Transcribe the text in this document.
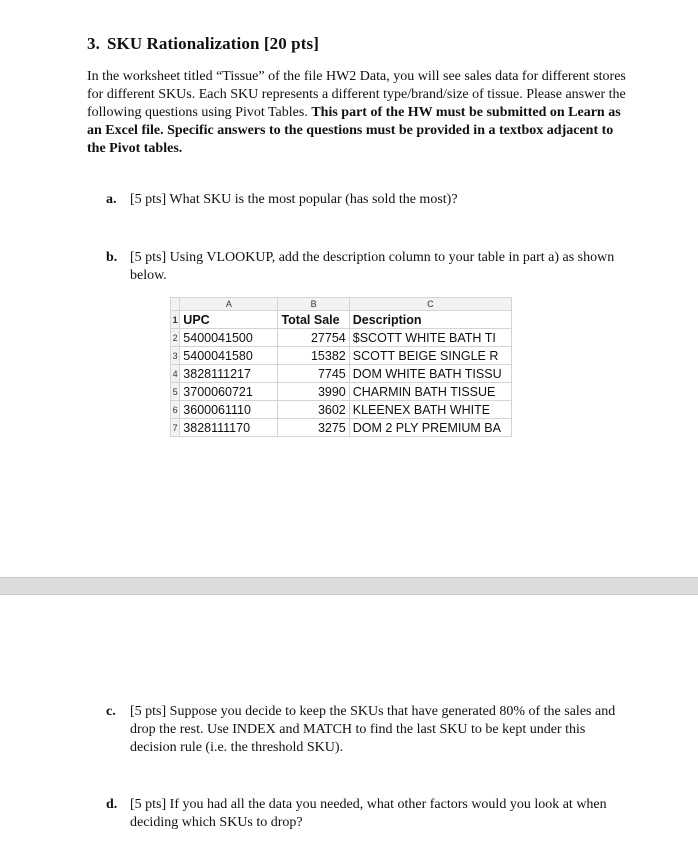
3. SKU Rationalization [20 pts]
In the worksheet titled “Tissue” of the file HW2 Data, you will see sales data for different stores for different SKUs. Each SKU represents a different type/brand/size of tissue. Please answer the following questions using Pivot Tables. This part of the HW must be submitted on Learn as an Excel file. Specific answers to the questions must be provided in a textbox adjacent to the Pivot tables.
a. [5 pts] What SKU is the most popular (has sold the most)?
b. [5 pts] Using VLOOKUP, add the description column to your table in part a) as shown below.
	A	B	C
1	UPC	Total Sale	Description
2	5400041500	27754	$SCOTT WHITE BATH TI
3	5400041580	15382	SCOTT BEIGE SINGLE R
4	3828111217	7745	DOM WHITE BATH TISSU
5	3700060721	3990	CHARMIN BATH TISSUE
6	3600061110	3602	KLEENEX BATH WHITE
7	3828111170	3275	DOM 2 PLY PREMIUM BA
c. [5 pts] Suppose you decide to keep the SKUs that have generated 80% of the sales and drop the rest. Use INDEX and MATCH to find the last SKU to be kept under this decision rule (i.e. the threshold SKU).
d. [5 pts] If you had all the data you needed, what other factors would you look at when deciding which SKUs to drop?
